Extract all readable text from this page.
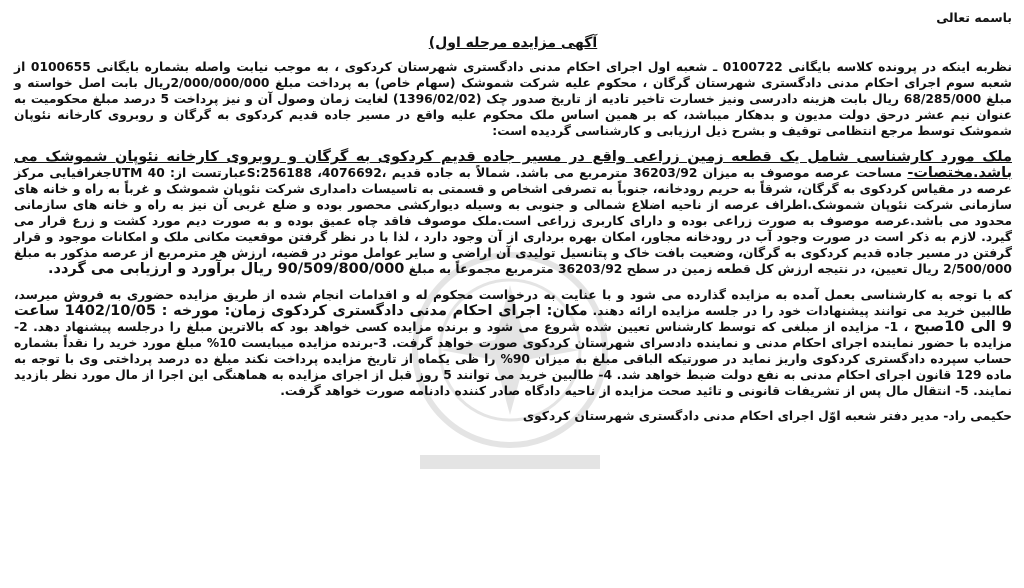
باسمه تعالی
آگهی مزایده مرحله اول)

نظربه اینکه در پرونده کلاسه بایگانی 0100722 ـ شعبه اول اجرای احکام مدنی دادگستری شهرستان کردکوی ، به موجب نیابت واصله بشماره بایگانی 0100655 از شعبه سوم اجرای احکام مدنی دادگستری شهرستان گرگان ، محکوم علیه شرکت شموشک (سهام خاص) به پرداخت مبلغ 2/000/000/000ریال بابت اصل خواسته و مبلغ 68/285/000 ریال بابت هزینه دادرسی ونیز خسارت تاخیر تادیه از تاریخ صدور چک (1396/02/02) لغایت زمان وصول آن و نیز پرداخت 5 درصد مبلغ محکومیت به عنوان نیم عشر درحق دولت مدیون و بدهکار میباشد، که بر همین اساس ملک محکوم علیه واقع در مسیر جاده قدیم کردکوی به گرگان و روبروی کارخانه نئوپان شموشک توسط مرجع انتظامی توقیف و بشرح ذیل ارزیابی و کارشناسی گردیده است:

ملک مورد کارشناسی شامل یک قطعه زمین زراعی واقع در مسیر جاده قدیم کردکوی به گرگان و روبروی کارخانه نئوپان شموشک می باشد.مختصات- مساحت عرصه موصوف به میزان 36203/92 مترمربع می باشد. شمالاً به جاده قدیم ،4076692، 256188:Sعبارتست از: UTM 40جغرافیایی مرکز عرصه در مقیاس کردکوی به گرگان، شرقاً به حریم رودخانه، جنوباً به تصرفی اشخاص و قسمتی به تاسیسات دامداری شرکت نئوپان شموشک و غرباً به راه و خانه های سازمانی شرکت نئوپان شموشک.اطراف عرصه از ناحیه اضلاع شمالی و جنوبی به وسیله دیوارکشی محصور بوده و ضلع غربی آن نیز به راه و خانه های سازمانی محدود می باشد.عرصه موصوف به صورت زراعی بوده و دارای کاربری زراعی است.ملک موصوف فاقد چاه عمیق بوده و به صورت دیم مورد کشت و زرع قرار می گیرد. لازم به ذکر است در صورت وجود آب در رودخانه مجاور، امکان بهره برداری از آن وجود دارد ، لذا با در نظر گرفتن موقعیت مکانی ملک و امکانات موجود و قرار گرفتن در مسیر جاده قدیم کردکوی به گرگان، وضعیت بافت خاک و پتانسیل تولیدی آن اراضی و سایر عوامل موثر در قضیه، ارزش هر مترمربع از عرصه مذکور به مبلغ 2/500/000 ریال تعیین، در نتیجه ارزش کل قطعه زمین در سطح 36203/92 مترمربع مجموعاً به مبلغ 90/509/800/000 ریال برآورد و ارزیابی می گردد.

که با توجه به کارشناسی بعمل آمده به مزایده گذارده می شود و با عنایت به درخواست محکوم له و اقدامات انجام شده از طریق مزایده حضوری به فروش میرسد، طالبین خرید می توانند پیشنهادات خود را در جلسه مزایده ارائه دهند. مکان: اجرای احکام مدنی دادگستری کردکوی زمان: مورخه : 1402/10/05 ساعت 9 الی 10صبح ، 1- مزایده از مبلغی که توسط کارشناس تعیین شده شروع می شود و برنده مزایده کسی خواهد بود که بالاترین مبلغ را درجلسه پیشنهاد دهد. 2- مزایده با حضور نماینده اجرای احکام مدنی و نماینده دادسرای شهرستان کردکوی صورت خواهد گرفت. 3-برنده مزایده میبایست 10% مبلغ مورد خرید را نقداً بشماره حساب سپرده دادگستری کردکوی واریز نماید در صورتیکه الباقی مبلغ به میزان 90% را ظی یکماه از تاریخ مزایده پرداخت نکند مبلغ ده درصد پرداختی وی با توجه به ماده 129 قانون اجرای احکام مدنی به نفع دولت ضبط خواهد شد. 4- طالبین خرید می توانند 5 روز قبل از اجرای مزایده به هماهنگی این اجرا از مال مورد نظر بازدید نمایند. 5- انتقال مال پس از تشریفات قانونی و تائید صحت مزایده از ناحیه دادگاه صادر کننده دادنامه صورت خواهد گرفت.

حکیمی راد- مدیر دفتر شعبه اوّل اجرای احکام مدنی دادگستری شهرستان کردکوی
